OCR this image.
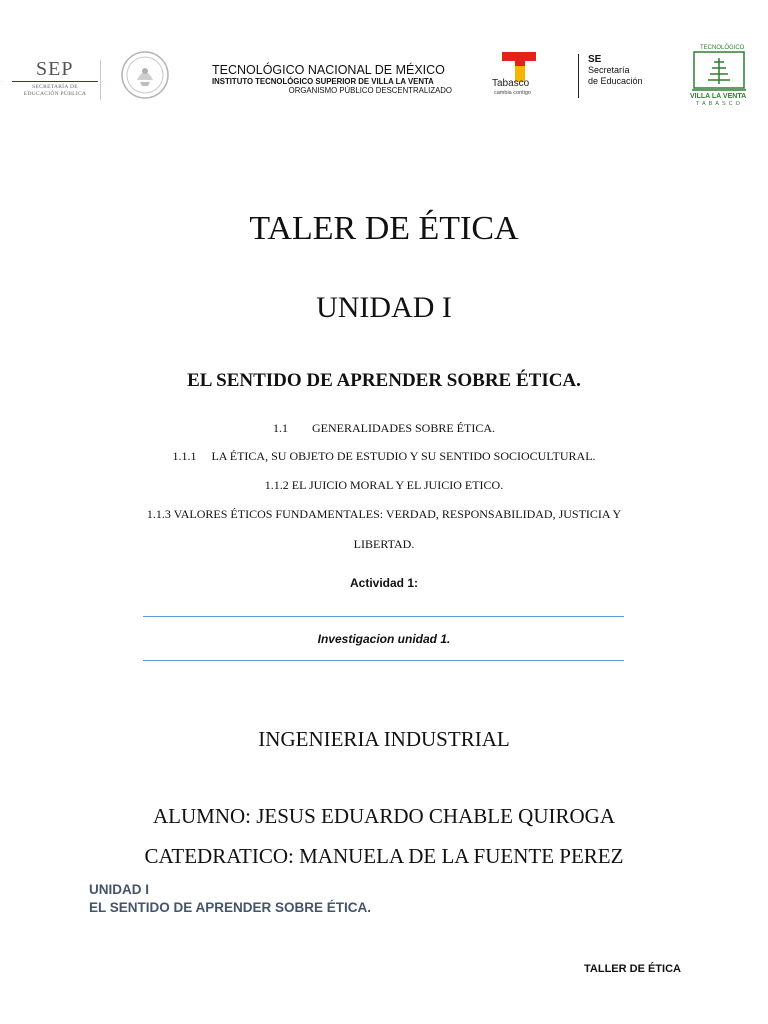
SEP
SECRETARÍA DE EDUCACIÓN PÚBLICA
TECNOLÓGICO NACIONAL DE MÉXICO
INSTITUTO TECNOLÓGICO SUPERIOR DE VILLA LA VENTA
ORGANISMO PÚBLICO DESCENTRALIZADO
Tabasco
cambia contigo
SE
Secretaría
de Educación
TECNOLÓGICO
VILLA LA VENTA
TABASCO
TALER DE ÉTICA
UNIDAD I
EL SENTIDO DE APRENDER SOBRE ÉTICA.
1.1        GENERALIDADES SOBRE ÉTICA.
1.1.1     LA ÉTICA, SU OBJETO DE ESTUDIO Y SU SENTIDO SOCIOCULTURAL.
1.1.2 EL JUICIO MORAL Y EL JUICIO ETICO.
1.1.3 VALORES ÉTICOS FUNDAMENTALES: VERDAD, RESPONSABILIDAD, JUSTICIA Y
LIBERTAD.
Actividad 1:
Investigacion unidad 1.
INGENIERIA INDUSTRIAL
ALUMNO: JESUS EDUARDO CHABLE QUIROGA
CATEDRATICO: MANUELA DE LA FUENTE PEREZ
UNIDAD I
EL SENTIDO DE APRENDER SOBRE ÉTICA.
TALLER DE ÉTICA
